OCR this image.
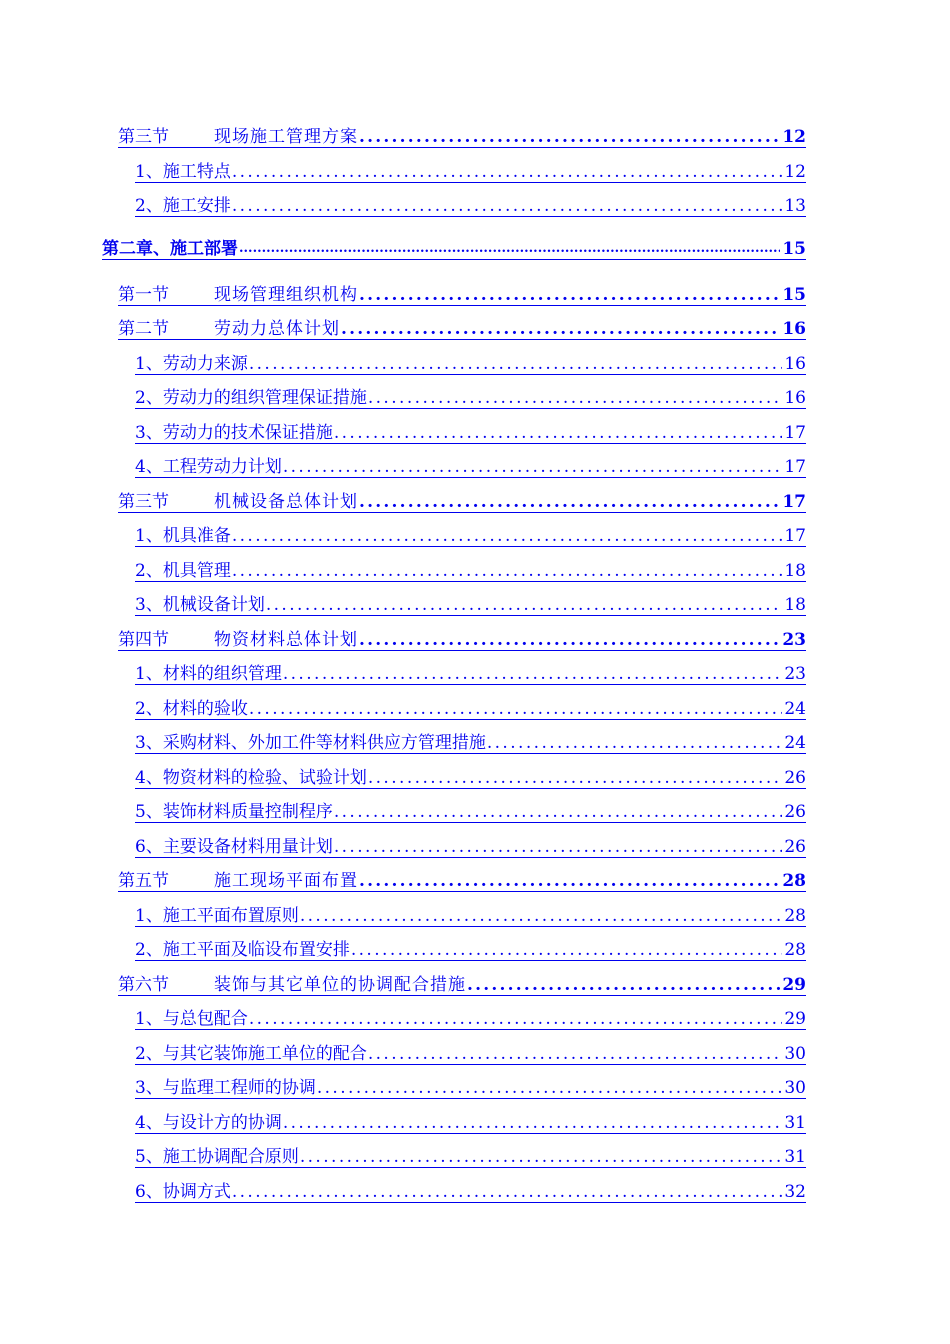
第三节	现场施工管理方案 .....	12
1、 施工特点 .....	12
2、 施工安排 .....	13
第二章、施工部署 .....	15
第一节	现场管理组织机构 .....	15
第二节	劳动力总体计划 .....	16
1、 劳动力来源 .....	16
2、 劳动力的组织管理保证措施 .....	16
3、 劳动力的技术保证措施 .....	17
4、 工程劳动力计划 .....	17
第三节	机械设备总体计划 .....	17
1、 机具准备 .....	17
2、 机具管理 .....	18
3、 机械设备计划 .....	18
第四节	物资材料总体计划 .....	23
1、 材料的组织管理 .....	23
2、 材料的验收 .....	24
3、 采购材料、外加工件等材料供应方管理措施 .....	24
4、 物资材料的检验、试验计划 .....	26
5、 装饰材料质量控制程序 .....	26
6、 主要设备材料用量计划 .....	26
第五节	施工现场平面布置 .....	28
1、 施工平面布置原则 .....	28
2、 施工平面及临设布置安排 .....	28
第六节	装饰与其它单位的协调配合措施 .....	29
1、 与总包配合 .....	29
2、 与其它装饰施工单位的配合 .....	30
3、 与监理工程师的协调 .....	30
4、 与设计方的协调 .....	31
5、 施工协调配合原则 .....	31
6、 协调方式 .....	32
